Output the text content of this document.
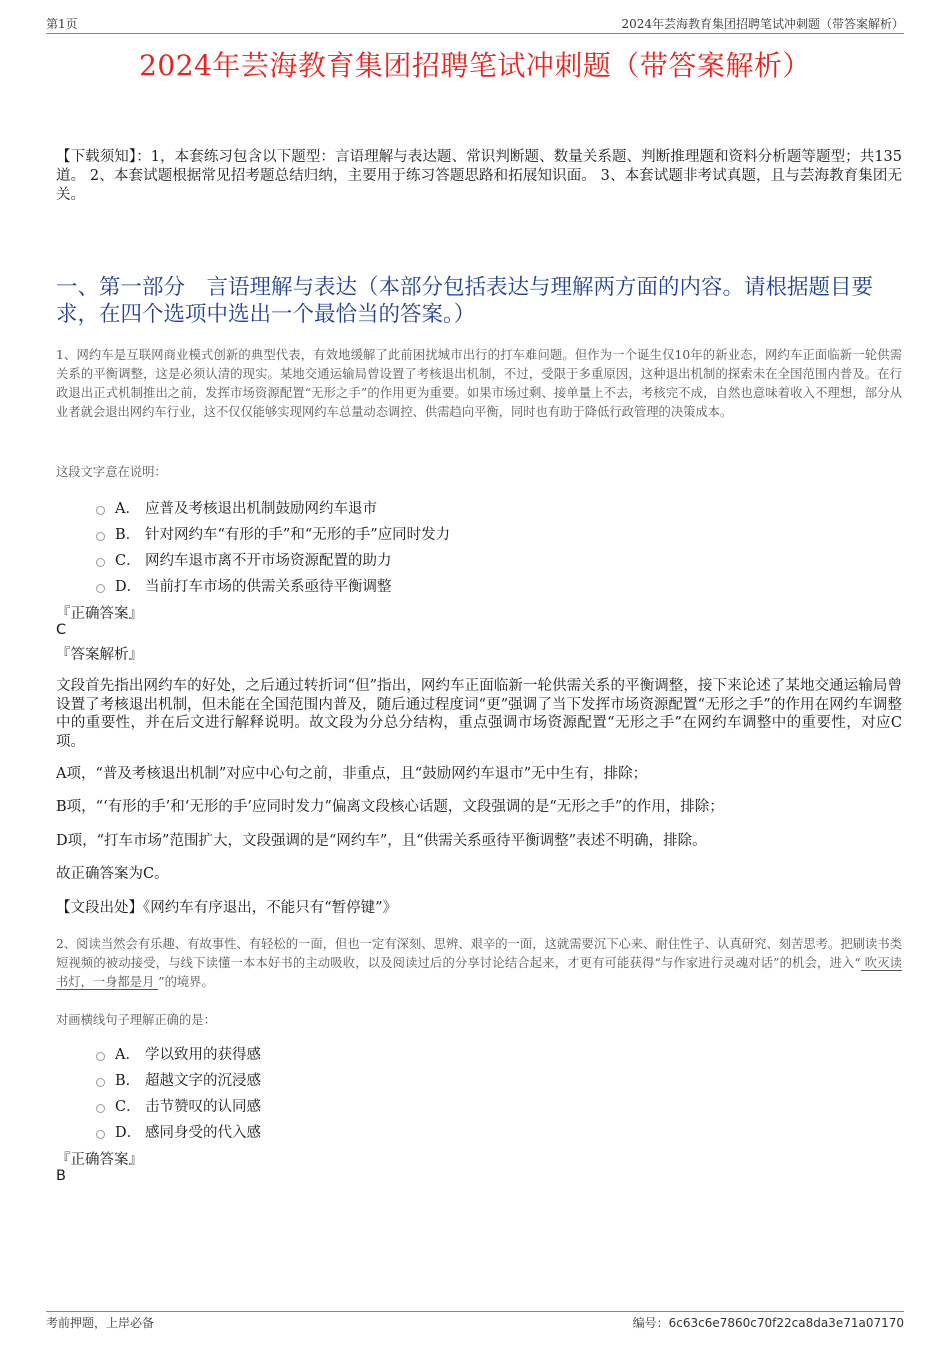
第1页	2024年芸海教育集团招聘笔试冲刺题（带答案解析）
2024年芸海教育集团招聘笔试冲刺题（带答案解析）
【下载须知】：1，本套练习包含以下题型：言语理解与表达题、常识判断题、数量关系题、判断推理题和资料分析题等题型；共135道。 2、本套试题根据常见招考题总结归纳，主要用于练习答题思路和拓展知识面。 3、本套试题非考试真题，且与芸海教育集团无关。
一、第一部分　言语理解与表达（本部分包括表达与理解两方面的内容。请根据题目要求，在四个选项中选出一个最恰当的答案。）
1、网约车是互联网商业模式创新的典型代表，有效地缓解了此前困扰城市出行的打车难问题。但作为一个诞生仅10年的新业态，网约车正面临新一轮供需关系的平衡调整，这是必须认清的现实。某地交通运输局曾设置了考核退出机制，不过，受限于多重原因，这种退出机制的探索未在全国范围内普及。在行政退出正式机制推出之前，发挥市场资源配置“无形之手”的作用更为重要。如果市场过剩、接单量上不去，考核完不成，自然也意味着收入不理想，部分从业者就会退出网约车行业，这不仅仅能够实现网约车总量动态调控、供需趋向平衡，同时也有助于降低行政管理的决策成本。
这段文字意在说明：
A． 应普及考核退出机制鼓励网约车退市
B． 针对网约车“有形的手”和“无形的手”应同时发力
C． 网约车退市离不开市场资源配置的助力
D． 当前打车市场的供需关系亟待平衡调整
『正确答案』
C
『答案解析』
文段首先指出网约车的好处，之后通过转折词“但”指出，网约车正面临新一轮供需关系的平衡调整，接下来论述了某地交通运输局曾设置了考核退出机制，但未能在全国范围内普及，随后通过程度词“更”强调了当下发挥市场资源配置“无形之手”的作用在网约车调整中的重要性，并在后文进行解释说明。故文段为分总分结构，重点强调市场资源配置“无形之手”在网约车调整中的重要性，对应C项。
A项，“普及考核退出机制”对应中心句之前，非重点，且“鼓励网约车退市”无中生有，排除；
B项，“‘有形的手’和‘无形的手’应同时发力”偏离文段核心话题，文段强调的是“无形之手”的作用，排除；
D项，“打车市场”范围扩大，文段强调的是“网约车”，且“供需关系亟待平衡调整”表述不明确，排除。
故正确答案为C。
【文段出处】《网约车有序退出，不能只有“暂停键”》
2、阅读当然会有乐趣、有故事性、有轻松的一面，但也一定有深刻、思辨、艰辛的一面，这就需要沉下心来、耐住性子、认真研究、刻苦思考。把刷读书类短视频的被动接受，与线下读懂一本本好书的主动吸收，以及阅读过后的分享讨论结合起来，才更有可能获得“与作家进行灵魂对话”的机会，进入“ 吹灭读书灯，一身都是月 ”的境界。
对画横线句子理解正确的是：
A． 学以致用的获得感
B． 超越文字的沉浸感
C． 击节赞叹的认同感
D． 感同身受的代入感
『正确答案』
B
考前押题，上岸必备	编号：6c63c6e7860c70f22ca8da3e71a07170
